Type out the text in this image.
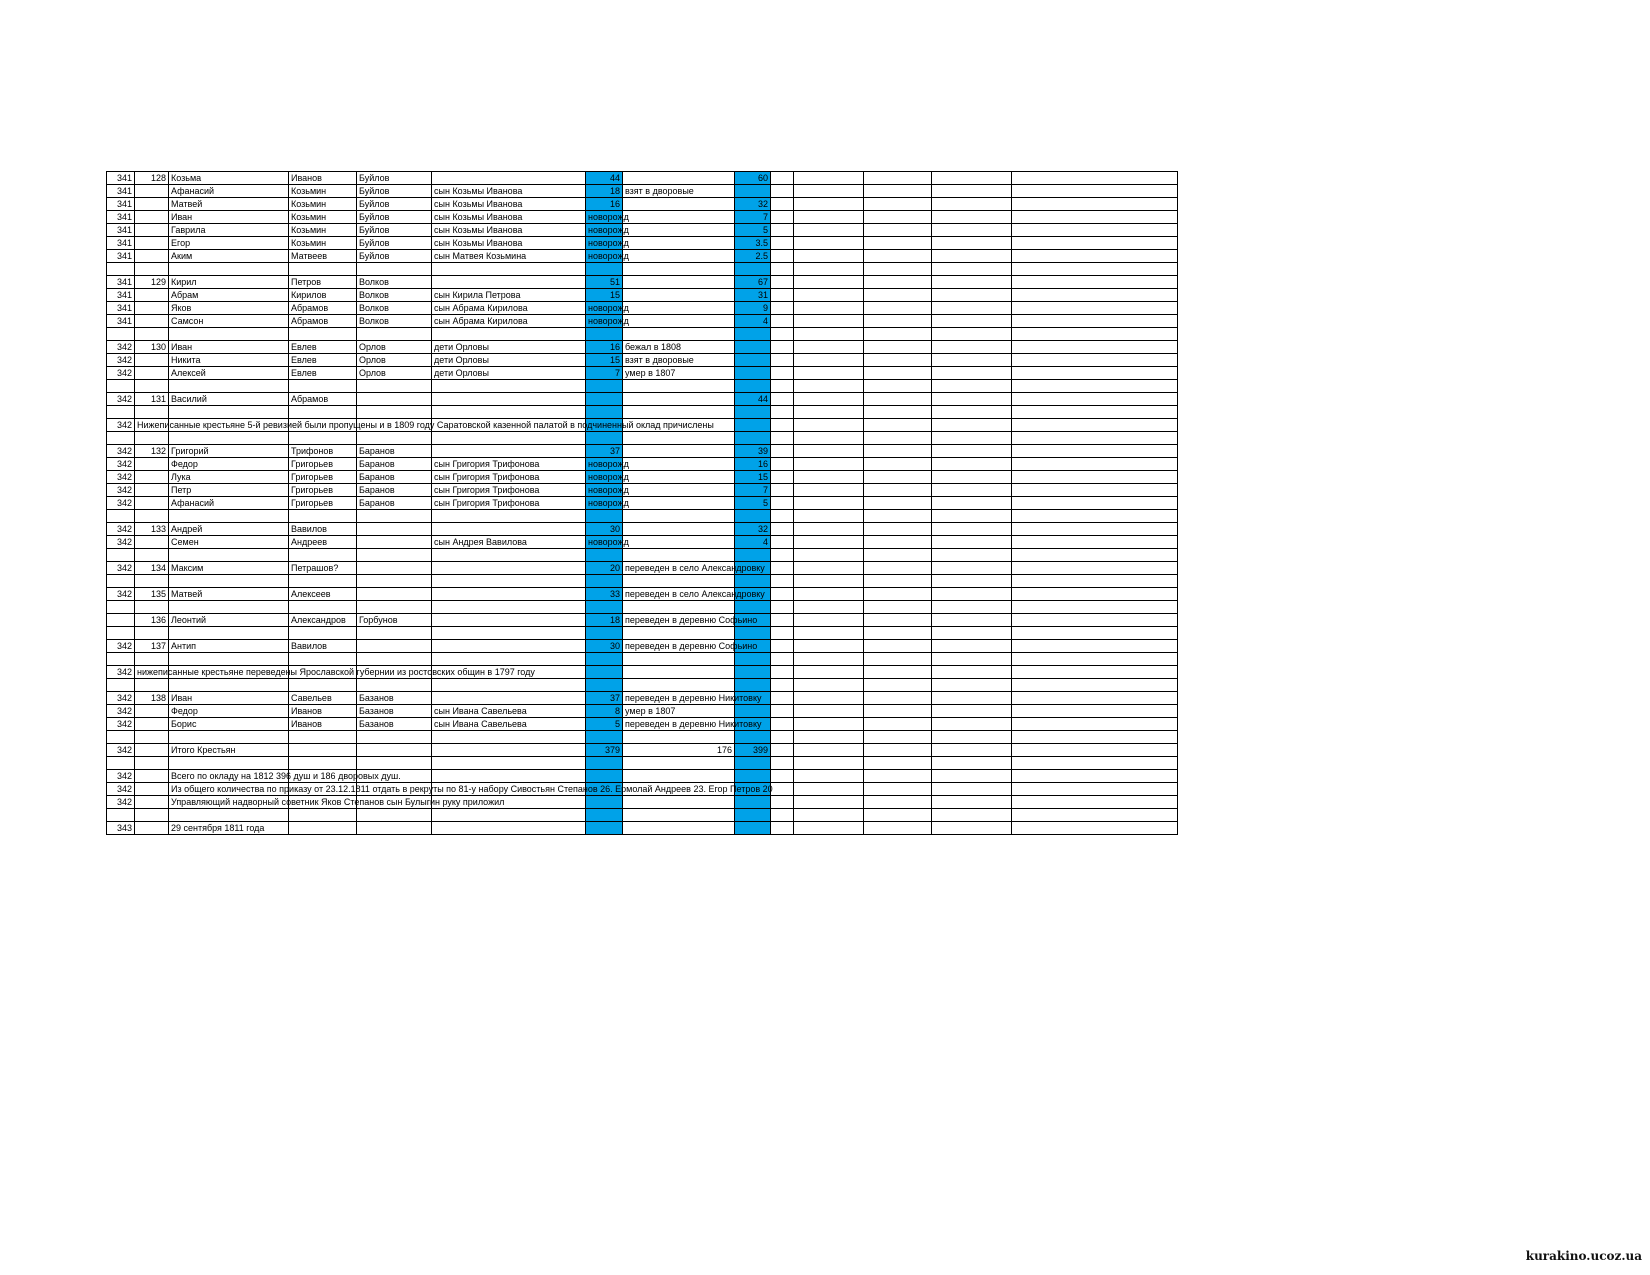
341	128	Козьма	Иванов	Буйлов		44		60					
341		Афанасий	Козьмин	Буйлов	сын Козьмы Иванова	18	взят в дворовые						

341		Матвей	Козьмин	Буйлов	сын Козьмы Иванова	16		32					
341		Иван	Козьмин	Буйлов	сын Козьмы Иванова	новорожд		7					
341		Гаврила	Козьмин	Буйлов	сын Козьмы Иванова	новорожд		5					
341		Егор	Козьмин	Буйлов	сын Козьмы Иванова	новорожд		3.5					
341		Аким	Матвеев	Буйлов	сын Матвея Козьмина	новорожд		2.5					

341	129	Кирил	Петров	Волков		51		67					
341		Абрам	Кирилов	Волков	сын Кирила Петрова	15		31					
341		Яков	Абрамов	Волков	сын Абрама Кирилова	новорожд		9					
341		Самсон	Абрамов	Волков	сын Абрама Кирилова	новорожд		4					

342	130	Иван	Евлев	Орлов	дети Орловы	16	бежал в 1808						

342		Никита	Евлев	Орлов	дети Орловы	15	взят в дворовые						

342		Алексей	Евлев	Орлов	дети Орловы	7	умер в 1807						

342	131	Василий	Абрамов					44					

342	Нижеписанные крестьяне 5-й ревизией были пропущены и в 1809 году Саратовской казенной палатой в подчиненный оклад причислены												

342	132	Григорий	Трифонов	Баранов		37		39					
342		Федор	Григорьев	Баранов	сын Григория Трифонова	новорожд		16					
342		Лука	Григорьев	Баранов	сын Григория Трифонова	новорожд		15					
342		Петр	Григорьев	Баранов	сын Григория Трифонова	новорожд		7					
342		Афанасий	Григорьев	Баранов	сын Григория Трифонова	новорожд		5					

342	133	Андрей	Вавилов			30		32					
342		Семен	Андреев		сын Андрея Вавилова	новорожд		4					

342	134	Максим	Петрашов?			20	переведен в село Александровку						

342	135	Матвей	Алексеев			33	переведен в село Александровку						

	136	Леонтий	Александров	Горбунов		18	переведен в деревню Софьино						

342	137	Антип	Вавилов			30	переведен в деревню Софьино						

342	нижеписанные крестьяне переведены Ярославской губернии из ростовских общин в 1797 году												

342	138	Иван	Савельев	Базанов		37	переведен в деревню Никитовку						

342		Федор	Иванов	Базанов	сын Ивана Савельева	8	умер в 1807						

342		Борис	Иванов	Базанов	сын Ивана Савельева	5	переведен в деревню Никитовку						

342		Итого Крестьян				379	176	399					

342		Всего по окладу на 1812 396 душ и 186 дворовых душ.											

342		Из общего количества по приказу от 23.12.1811 отдать в рекруты по 81-у набору Сивостьян Степанов 26. Ермолай Андреев 23. Егор Петров 20											

342		Управляющий надворный советник Яков Степанов сын Булыгин руку приложил											

343		29 сентября 1811 года											

kurakino.ucoz.ua
